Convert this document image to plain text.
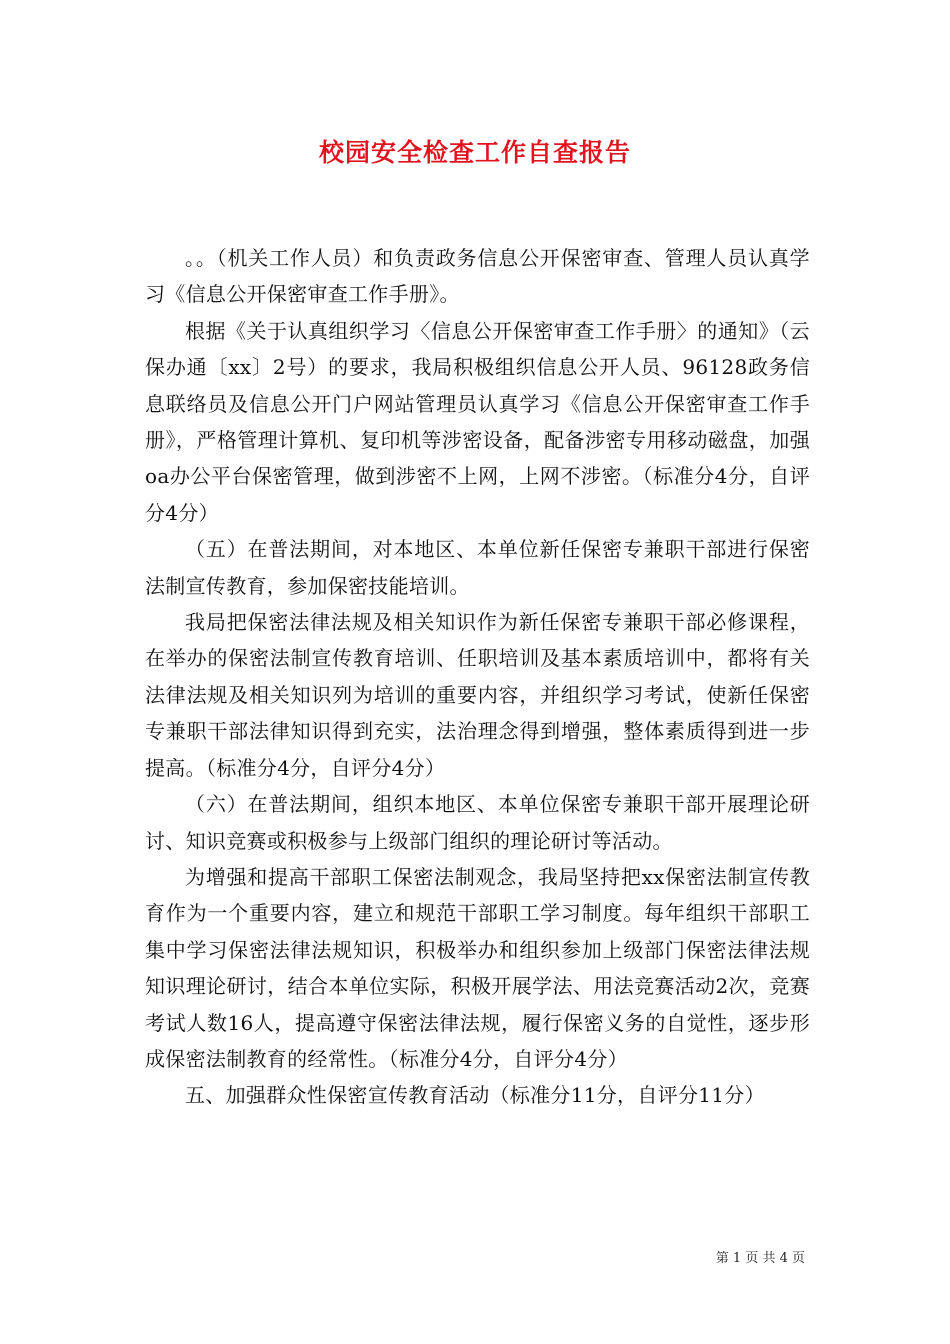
校园安全检查工作自查报告

。。（机关工作人员）和负责政务信息公开保密审查、管理人员认真学习《信息公开保密审查工作手册》。

根据《关于认真组织学习〈信息公开保密审查工作手册〉的通知》（云保办通〔xx〕2号）的要求，我局积极组织信息公开人员、96128政务信息联络员及信息公开门户网站管理员认真学习《信息公开保密审查工作手册》，严格管理计算机、复印机等涉密设备，配备涉密专用移动磁盘，加强oa办公平台保密管理，做到涉密不上网，上网不涉密。（标准分4分，自评分4分）

（五）在普法期间，对本地区、本单位新任保密专兼职干部进行保密法制宣传教育，参加保密技能培训。

我局把保密法律法规及相关知识作为新任保密专兼职干部必修课程，在举办的保密法制宣传教育培训、任职培训及基本素质培训中，都将有关法律法规及相关知识列为培训的重要内容，并组织学习考试，使新任保密专兼职干部法律知识得到充实，法治理念得到增强，整体素质得到进一步提高。（标准分4分，自评分4分）

（六）在普法期间，组织本地区、本单位保密专兼职干部开展理论研讨、知识竞赛或积极参与上级部门组织的理论研讨等活动。

为增强和提高干部职工保密法制观念，我局坚持把xx保密法制宣传教育作为一个重要内容，建立和规范干部职工学习制度。每年组织干部职工集中学习保密法律法规知识，积极举办和组织参加上级部门保密法律法规知识理论研讨，结合本单位实际，积极开展学法、用法竞赛活动2次，竞赛考试人数16人，提高遵守保密法律法规，履行保密义务的自觉性，逐步形成保密法制教育的经常性。（标准分4分，自评分4分）

五、加强群众性保密宣传教育活动（标准分11分，自评分11分）

第 1 页 共 4 页
